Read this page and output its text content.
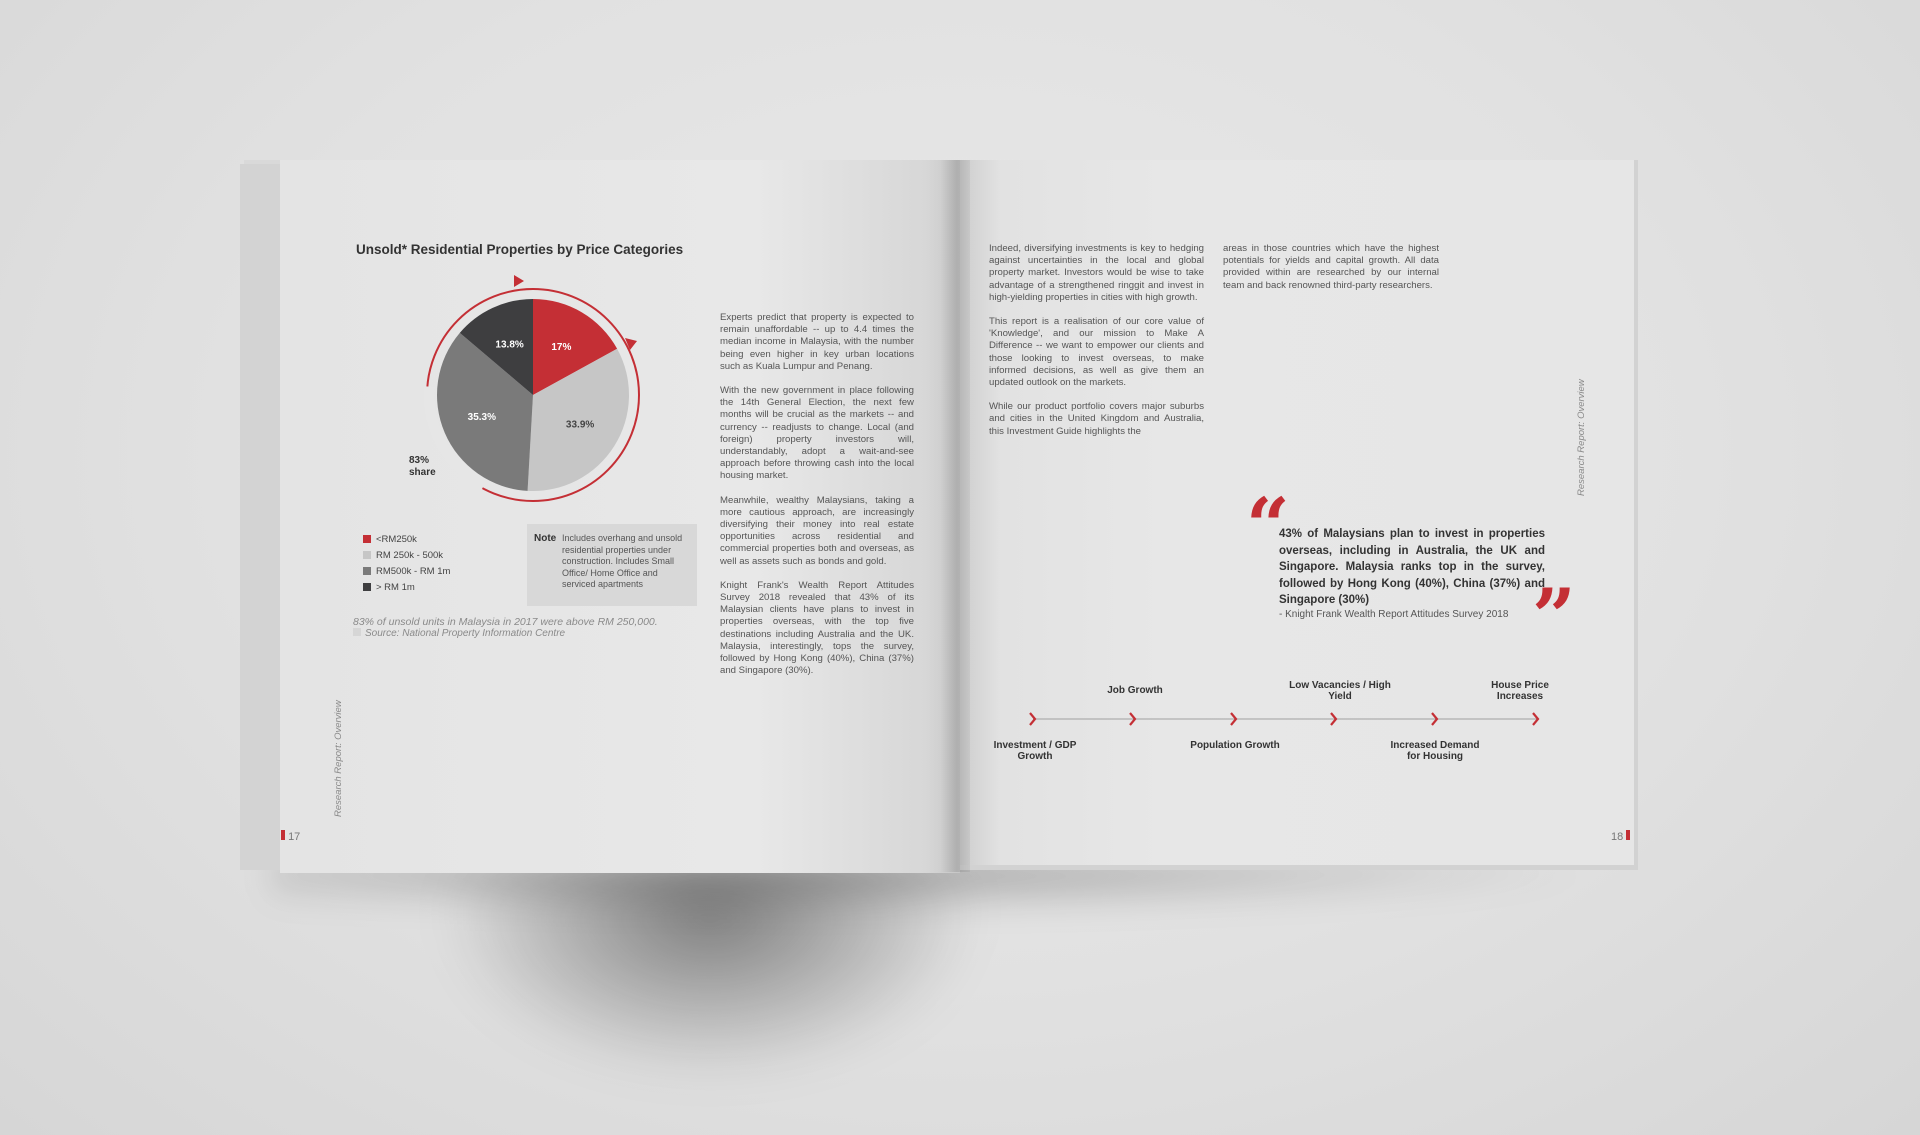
Unsold* Residential Properties by Price Categories
17%
33.9%
35.3%
13.8%
83%
share
<RM250k
RM 250k - 500k
RM500k - RM 1m
> RM 1m
Note Includes overhang and unsold residential properties under construction. Includes Small Office/ Home Office and serviced apartments
83% of unsold units in Malaysia in 2017 were above RM 250,000.
Source: National Property Information Centre

Experts predict that property is expected to remain unaffordable -- up to 4.4 times the median income in Malaysia, with the number being even higher in key urban locations such as Kuala Lumpur and Penang.

With the new government in place following the 14th General Election, the next few months will be crucial as the markets -- and currency -- readjusts to change. Local (and foreign) property investors will, understandably, adopt a wait-and-see approach before throwing cash into the local housing market.

Meanwhile, wealthy Malaysians, taking a more cautious approach, are increasingly diversifying their money into real estate opportunities across residential and commercial properties both and overseas, as well as assets such as bonds and gold.

Knight Frank's Wealth Report Attitudes Survey 2018 revealed that 43% of its Malaysian clients have plans to invest in properties overseas, with the top five destinations including Australia and the UK. Malaysia, interestingly, tops the survey, followed by Hong Kong (40%), China (37%) and Singapore (30%).

Research Report: Overview
17

Indeed, diversifying investments is key to hedging against uncertainties in the local and global property market. Investors would be wise to take advantage of a strengthened ringgit and invest in high-yielding properties in cities with high growth.

This report is a realisation of our core value of 'Knowledge', and our mission to Make A Difference -- we want to empower our clients and those looking to invest overseas, to make informed decisions, as well as give them an updated outlook on the markets.

While our product portfolio covers major suburbs and cities in the United Kingdom and Australia, this Investment Guide highlights the

areas in those countries which have the highest potentials for yields and capital growth. All data provided within are researched by our internal team and back renowned third-party researchers.

Research Report: Overview
“
43% of Malaysians plan to invest in properties overseas, including in Australia, the UK and Singapore. Malaysia ranks top in the survey, followed by Hong Kong (40%), China (37%) and Singapore (30%)
- Knight Frank Wealth Report Attitudes Survey 2018 ”
Job Growth	Low Vacancies / High Yield
House Price Increases
Investment / GDP Growth
Population Growth	Increased Demand for Housing
18
